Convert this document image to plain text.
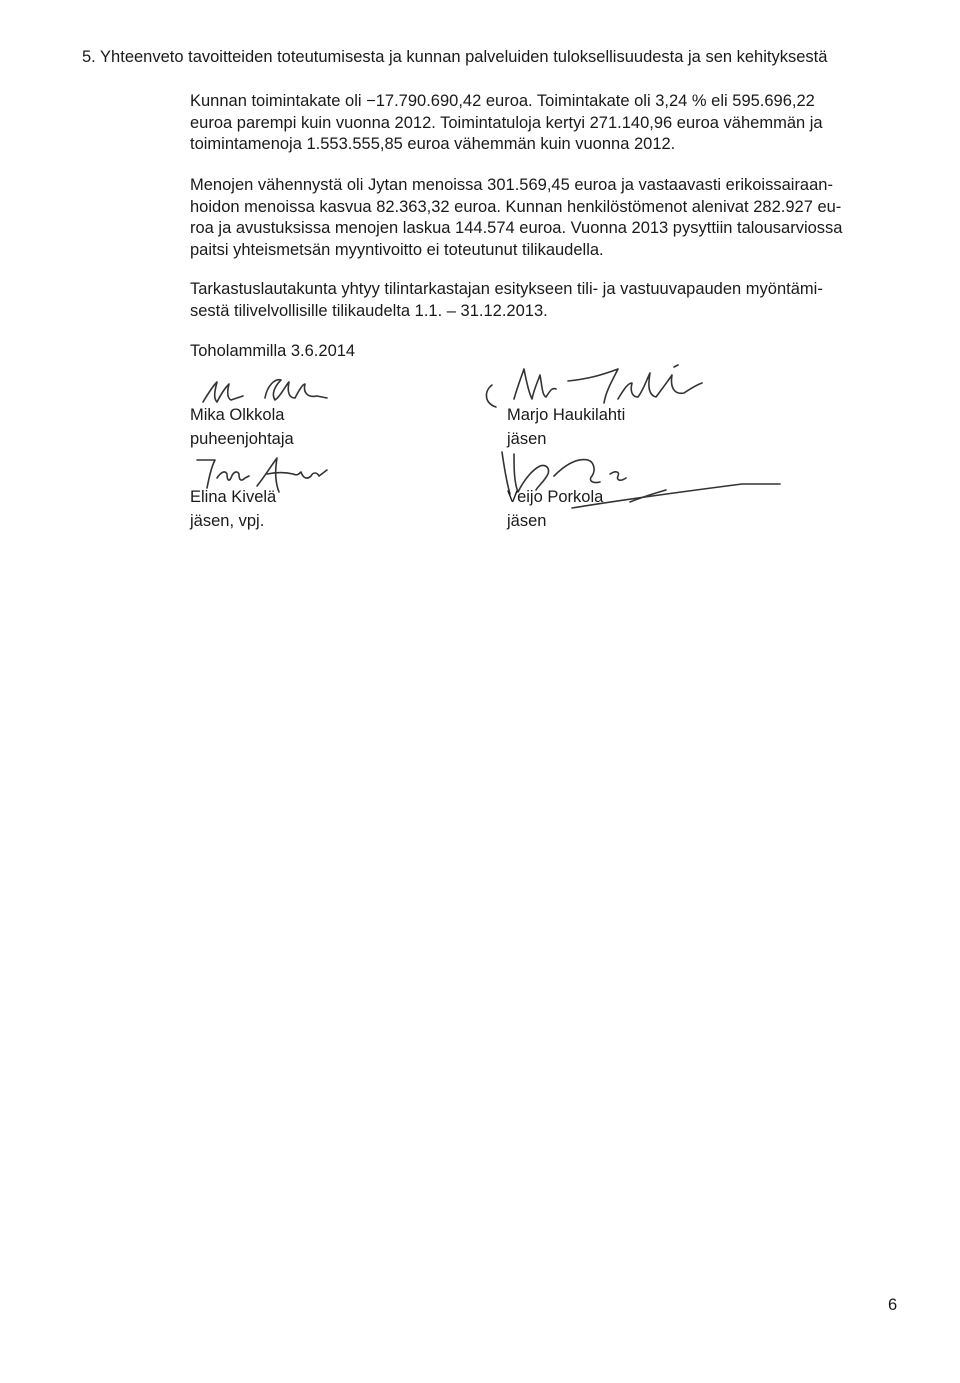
5. Yhteenveto tavoitteiden toteutumisesta ja kunnan palveluiden tuloksellisuudesta ja sen kehityksestä
Kunnan toimintakate oli −17.790.690,42 euroa. Toimintakate oli 3,24 % eli 595.696,22
euroa parempi kuin vuonna 2012. Toimintatuloja kertyi 271.140,96 euroa vähemmän ja
toimintamenoja 1.553.555,85 euroa vähemmän kuin vuonna 2012.
Menojen vähennystä oli Jytan menoissa 301.569,45 euroa ja vastaavasti erikoissairaan-
hoidon menoissa kasvua 82.363,32 euroa. Kunnan henkilöstömenot alenivat 282.927 eu-
roa ja avustuksissa menojen laskua 144.574 euroa. Vuonna 2013 pysyttiin talousarviossa
paitsi yhteismetsän myyntivoitto ei toteutunut tilikaudella.
Tarkastuslautakunta yhtyy tilintarkastajan esitykseen tili- ja vastuuvapauden myöntämi-
sestä tilivelvollisille tilikaudelta 1.1. – 31.12.2013.
Toholammilla 3.6.2014
Mika Olkkola
puheenjohtaja
Marjo Haukilahti
jäsen
Elina Kivelä
jäsen, vpj.
Veijo Porkola
jäsen
6
